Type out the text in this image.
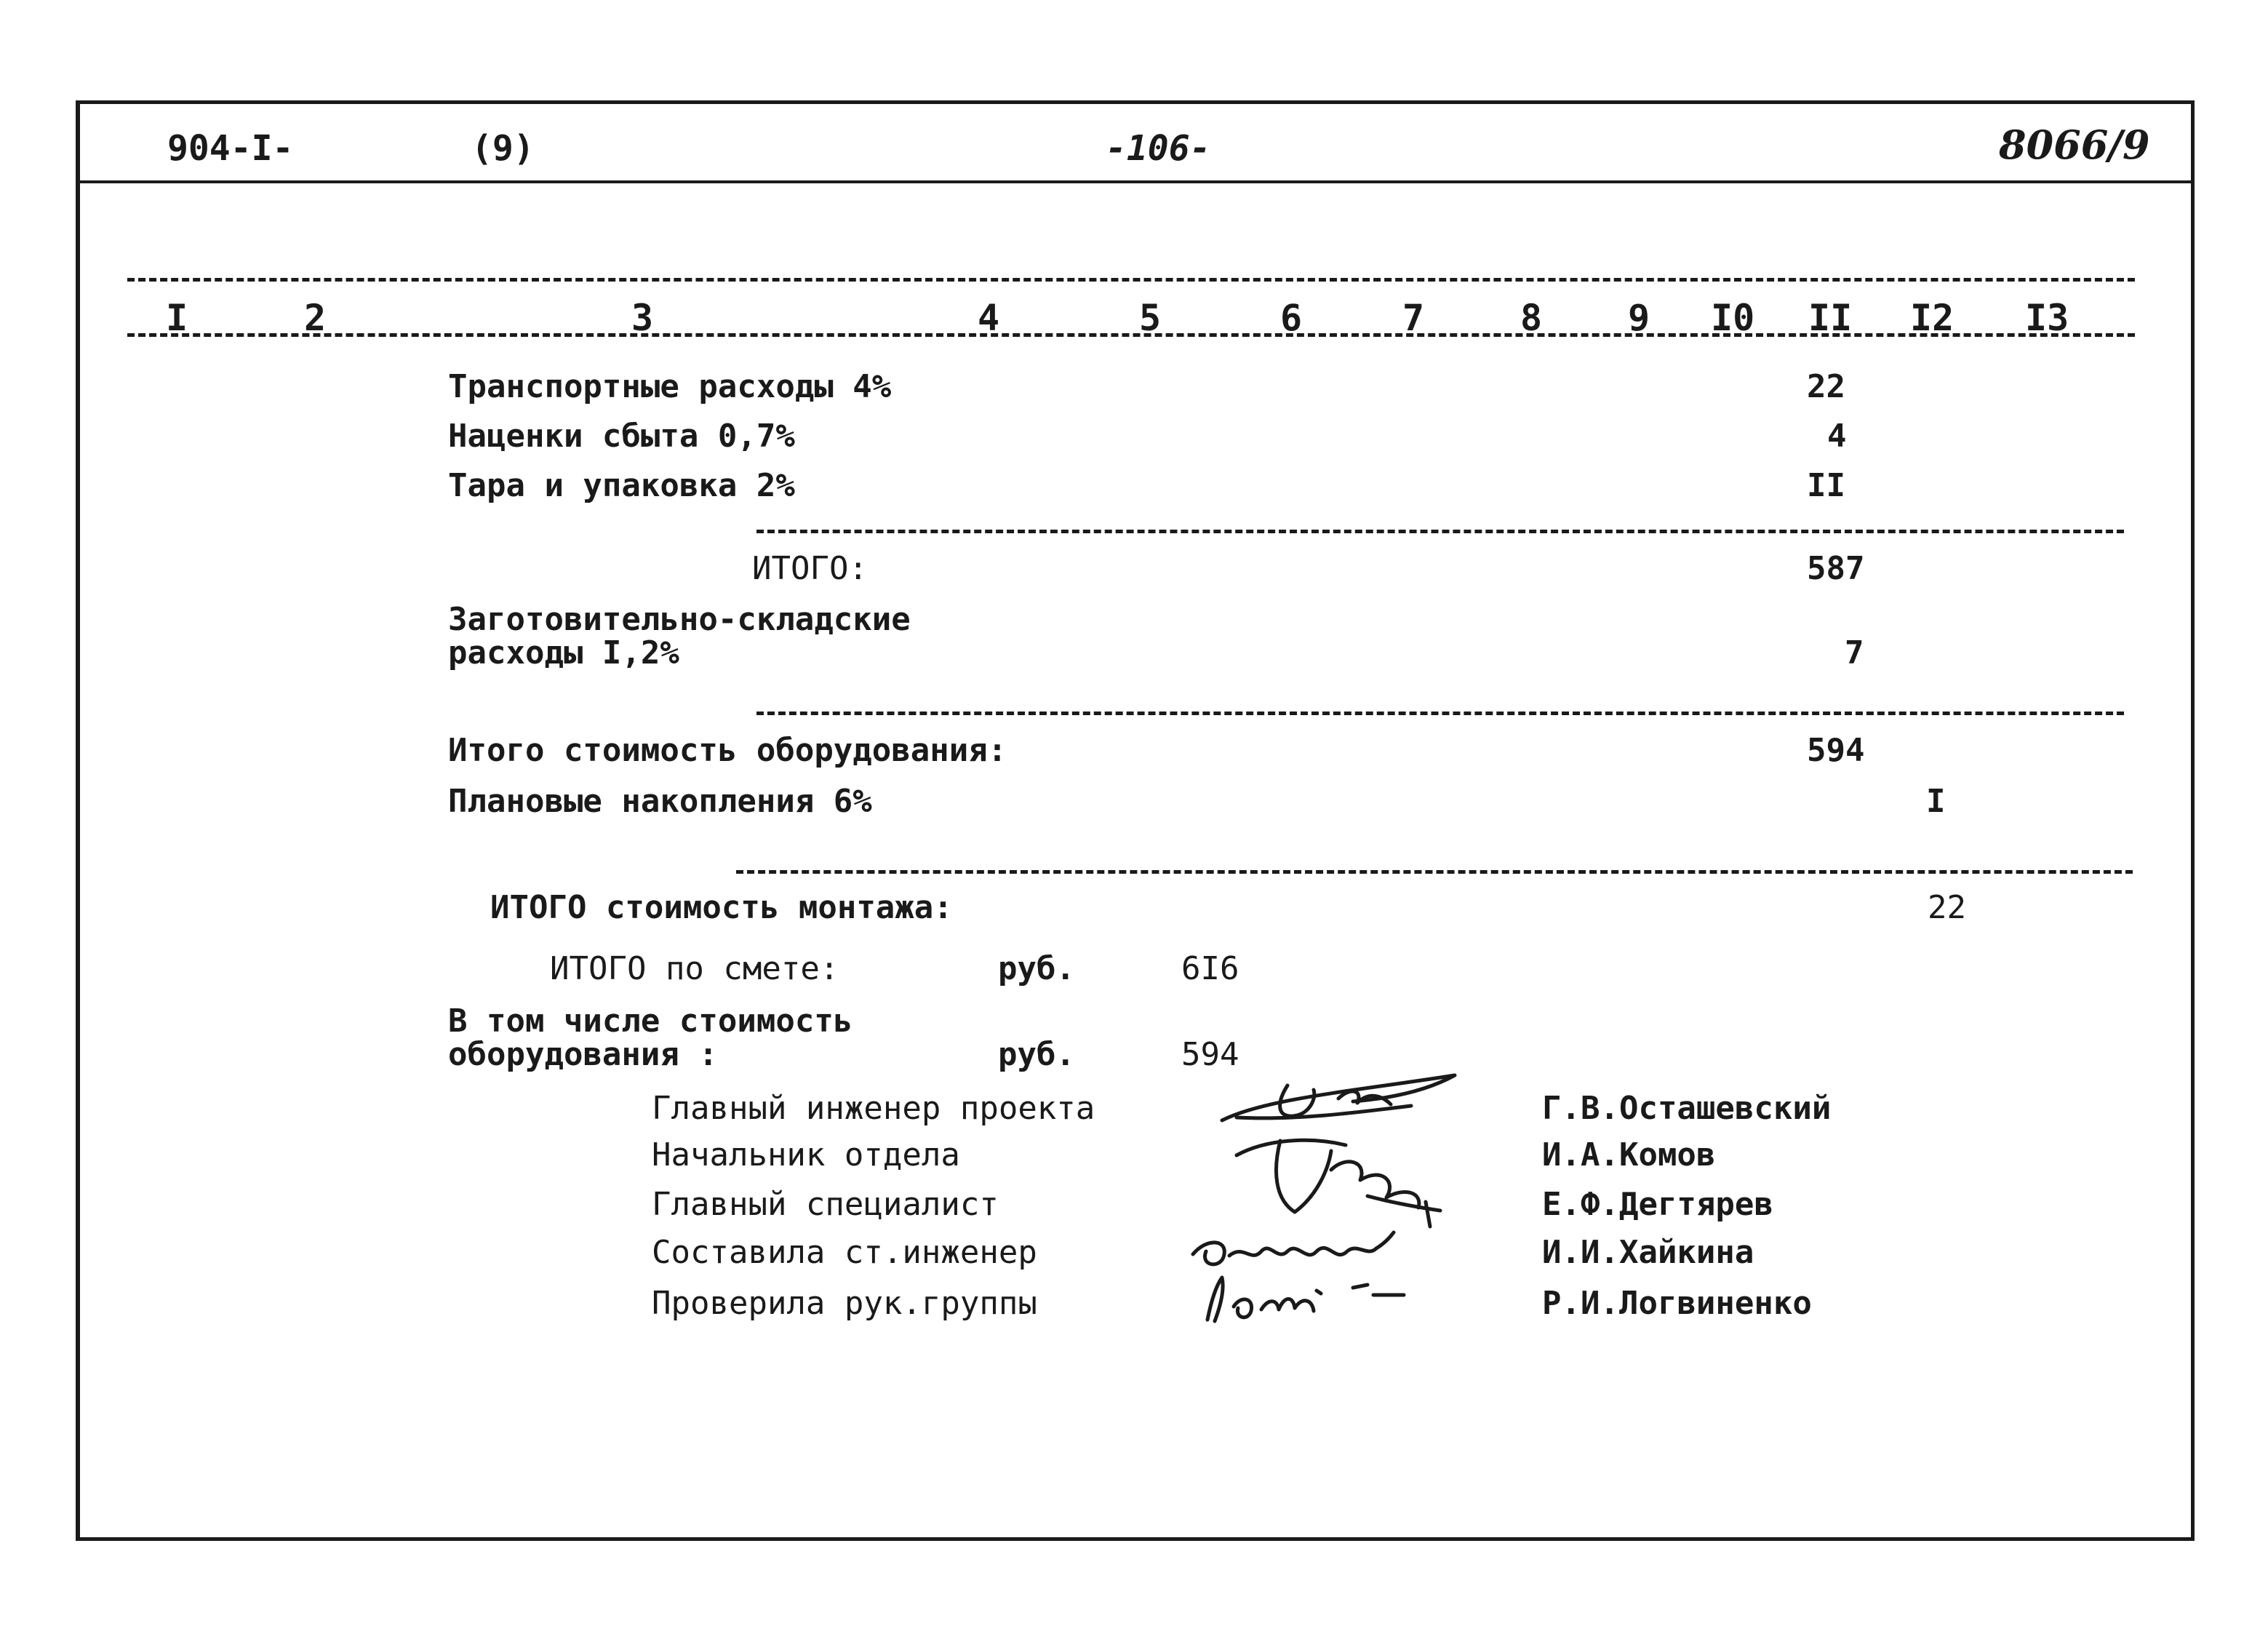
904-I-	(9)	-106-	8066/9
I	2	3	4	5	6	7	8 9 I0 II I2 I3
Транспортные расходы 4%	22
Наценки сбыта 0,7%	4
Тара и упаковка 2%	II
ИТОГО:	587
Заготовительно-складские
расходы I,2%	7
Итого стоимость оборудования:	594
Плановые накопления 6%	I
ИТОГО стоимость монтажа:	22
ИТОГО по смете:	руб.	6I6
В том числе стоимость
оборудования :	руб.	594
Главный инженер проекта	Г.В.Осташевский
Начальник отдела	И.А.Комов
Главный специалист	Е.Ф.Дегтярев
Составила ст.инженер	И.И.Хайкина
Проверила рук.группы	Р.И.Логвиненко
